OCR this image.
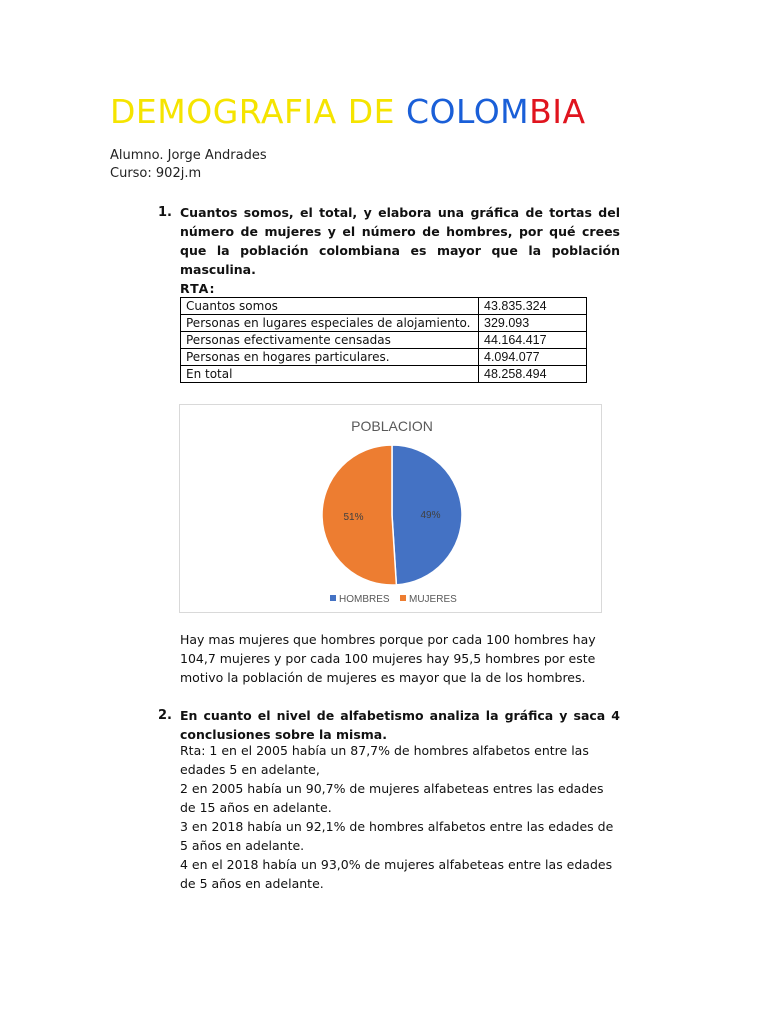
DEMOGRAFIA DE COLOMBIA
Alumno. Jorge Andrades
Curso: 902j.m
1. Cuantos somos, el total, y elabora una gráfica de tortas del número de mujeres y el número de hombres, por qué crees que la población colombiana es mayor que la población masculina.
RTA:
Cuantos somos	43.835.324
Personas en lugares especiales de alojamiento.	329.093
Personas efectivamente censadas	44.164.417
Personas en hogares particulares.	4.094.077
En total	48.258.494
POBLACION
49%
51%
HOMBRES MUJERES
Hay mas mujeres que hombres porque por cada 100 hombres hay 104,7 mujeres y por cada 100 mujeres hay 95,5 hombres por este motivo la población de mujeres es mayor que la de los hombres.
2. En cuanto el nivel de alfabetismo analiza la gráfica y saca 4 conclusiones sobre la misma.
Rta: 1 en el 2005 había un 87,7% de hombres alfabetos entre las edades 5 en adelante,
2 en 2005 había un 90,7% de mujeres alfabeteas entres las edades de 15 años en adelante.
3 en 2018 había un 92,1% de hombres alfabetos entre las edades de 5 años en adelante.
4 en el 2018 había un 93,0% de mujeres alfabeteas entre las edades de 5 años en adelante.
